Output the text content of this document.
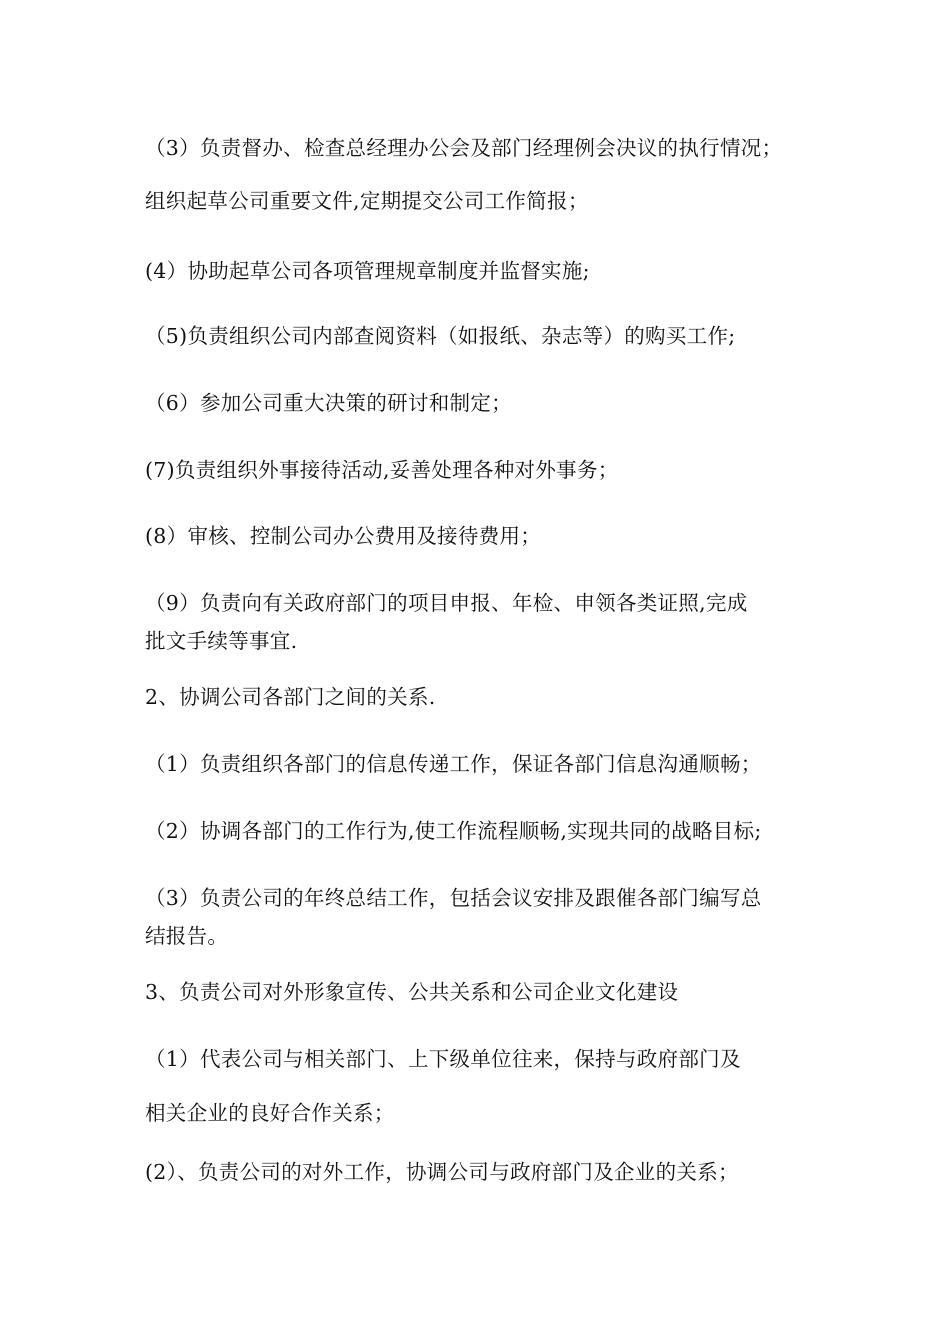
（3）负责督办、检查总经理办公会及部门经理例会决议的执行情况；
组织起草公司重要文件,定期提交公司工作简报；
(4）协助起草公司各项管理规章制度并监督实施;
（5)负责组织公司内部查阅资料（如报纸、杂志等）的购买工作;
（6）参加公司重大决策的研讨和制定；
(7)负责组织外事接待活动,妥善处理各种对外事务；
(8）审核、控制公司办公费用及接待费用；
（9）负责向有关政府部门的项目申报、年检、申领各类证照,完成
批文手续等事宜.
2、协调公司各部门之间的关系.
（1）负责组织各部门的信息传递工作，保证各部门信息沟通顺畅；
（2）协调各部门的工作行为,使工作流程顺畅,实现共同的战略目标;
（3）负责公司的年终总结工作，包括会议安排及跟催各部门编写总
结报告。
3、负责公司对外形象宣传、公共关系和公司企业文化建设
（1）代表公司与相关部门、上下级单位往来，保持与政府部门及
相关企业的良好合作关系；
(2）、负责公司的对外工作，协调公司与政府部门及企业的关系；
